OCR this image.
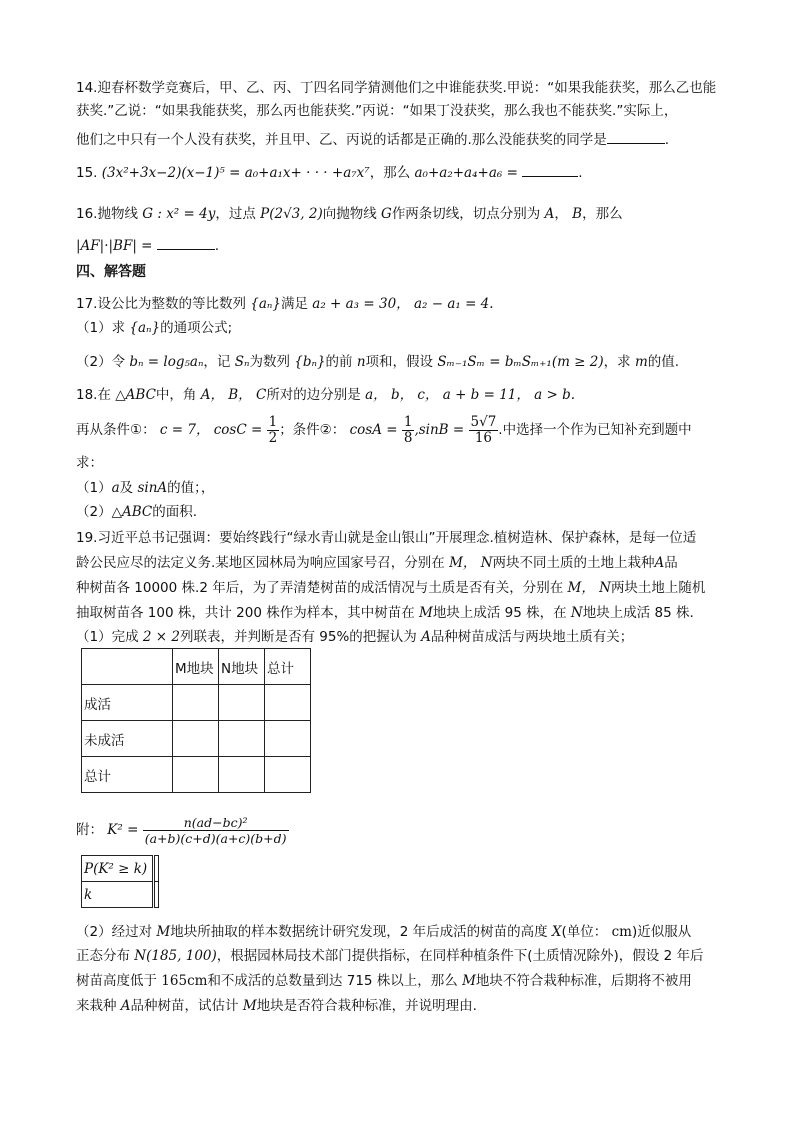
14.迎春杯数学竞赛后，甲、乙、丙、丁四名同学猜测他们之中谁能获奖.甲说：“如果我能获奖，那么乙也能
获奖.”乙说：“如果我能获奖，那么丙也能获奖.”丙说：“如果丁没获奖，那么我也不能获奖.”实际上，
他们之中只有一个人没有获奖，并且甲、乙、丙说的话都是正确的.那么没能获奖的同学是	.
15. (3x²+3x−2)(x−1)⁵ = a₀+a₁x+ · · · +a₇x⁷，那么 a₀+a₂+a₄+a₆ =	.
16.抛物线 G : x² = 4y，过点 P(2√3, 2)向抛物线 G作两条切线，切点分别为 A， B，那么
|AF|·|BF| =	.
四、解答题
17.设公比为整数的等比数列 {aₙ}满足 a₂ + a₃ = 30， a₂ − a₁ = 4.
（1）求 {aₙ}的通项公式;
（2）令 bₙ = log₅aₙ，记 Sₙ为数列 {bₙ}的前 n项和，假设 Sₘ₋₁Sₘ = bₘSₘ₊₁(m ≥ 2)，求 m的值.
18.在 △ABC中，角 A， B， C所对的边分别是 a， b， c， a + b = 11， a > b.
再从条件①： c = 7， $\cos C = \frac{1}{2}$ ；条件②： $\cos A = \frac{1}{8} ,\sin B = \frac{5√7}{16}$ .中选择一个作为已知补充到题中
求：
（1）a及 sinA的值；，
（2）△ABC的面积.
19.习近平总书记强调：要始终践行“绿水青山就是金山银山”开展理念.植树造林、保护森林，是每一位适
龄公民应尽的法定义务.某地区园林局为响应国家号召，分别在 M， N两块不同土质的土地上栽种A品
种树苗各 10000 株.2 年后，为了弄清楚树苗的成活情况与土质是否有关，分别在 M， N两块土地上随机
抽取树苗各 100 株，共计 200 株作为样本，其中树苗在 M地块上成活 95 株，在 N地块上成活 85 株.
（1）完成 2 × 2列联表，并判断是否有 95%的把握认为 A品种树苗成活与两块地土质有关；
	M地块	N地块	总计
成活			
未成活			
总计			
附： $K^2 = \frac{\text{n(ad−bc)²}}{(a+b)(c+d)(a+c)(b+d)}$
P(K² ≥ k)	
k	
（2）经过对 M地块所抽取的样本数据统计研究发现，2 年后成活的树苗的高度 X(单位： cm)近似服从
正态分布 N(185, 100)，根据园林局技术部门提供指标，在同样种植条件下(土质情况除外)，假设 2 年后
树苗高度低于 165cm和不成活的总数量到达 715 株以上，那么 M地块不符合栽种标准，后期将不被用
来栽种 A品种树苗，试估计 M地块是否符合栽种标准，并说明理由.
